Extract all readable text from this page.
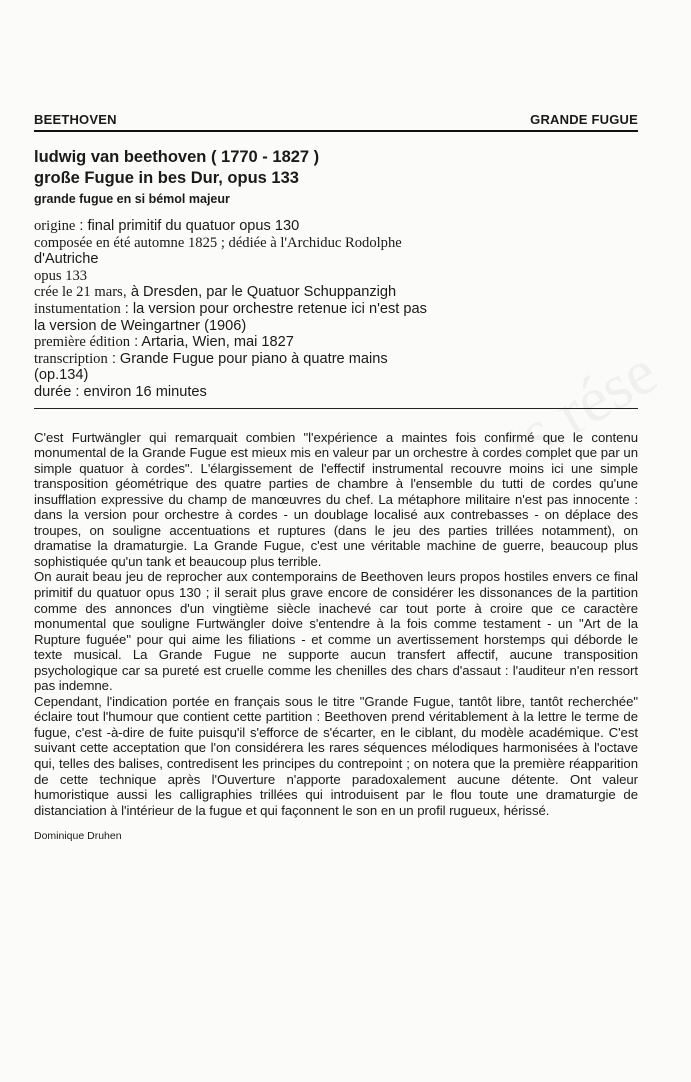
BEETHOVEN	GRANDE FUGUE
ludwig van beethoven ( 1770 - 1827 )
große Fugue in bes Dur, opus 133
grande fugue en si bémol majeur
origine : final primitif du quatuor opus 130
composée en été automne 1825 ; dédiée à l'Archiduc Rodolphe
d'Autriche
opus 133
crée le 21 mars, à Dresden, par le Quatuor Schuppanzigh
instumentation : la version pour orchestre retenue ici n'est pas
la version de Weingartner (1906)
première édition : Artaria, Wien, mai 1827
transcription : Grande Fugue pour piano à quatre mains
(op.134)
durée : environ 16 minutes

C'est Furtwängler qui remarquait combien "l'expérience a maintes fois confirmé que le contenu monumental de la Grande Fugue est mieux mis en valeur par un orchestre à cordes complet que par un simple quatuor à cordes". L'élargissement de l'effectif instrumental recouvre moins ici une simple transposition géométrique des quatre parties de chambre à l'ensemble du tutti de cordes qu'une insufflation expressive du champ de manœuvres du chef. La métaphore militaire n'est pas innocente : dans la version pour orchestre à cordes - un doublage localisé aux contrebasses - on déplace des troupes, on souligne accentuations et ruptures (dans le jeu des parties trillées notamment), on dramatise la dramaturgie. La Grande Fugue, c'est une véritable machine de guerre, beaucoup plus sophistiquée qu'un tank et beaucoup plus terrible.

On aurait beau jeu de reprocher aux contemporains de Beethoven leurs propos hostiles envers ce final primitif du quatuor opus 130 ; il serait plus grave encore de considérer les dissonances de la partition comme des annonces d'un vingtième siècle inachevé car tout porte à croire que ce caractère monumental que souligne Furtwängler doive s'entendre à la fois comme testament - un "Art de la Rupture fuguée" pour qui aime les filiations - et comme un avertissement horstemps qui déborde le texte musical. La Grande Fugue ne supporte aucun transfert affectif, aucune transposition psychologique car sa pureté est cruelle comme les chenilles des chars d'assaut : l'auditeur n'en ressort pas indemne.

Cependant, l'indication portée en français sous le titre "Grande Fugue, tantôt libre, tantôt recherchée" éclaire tout l'humour que contient cette partition : Beethoven prend véritablement à la lettre le terme de fugue, c'est -à-dire de fuite puisqu'il s'efforce de s'écarter, en le ciblant, du modèle académique. C'est suivant cette acceptation que l'on considérera les rares séquences mélodiques harmonisées à l'octave qui, telles des balises, contredisent les principes du contrepoint ; on notera que la première réapparition de cette technique après l'Ouverture n'apporte paradoxalement aucune détente. Ont valeur humoristique aussi les calligraphies trillées qui introduisent par le flou toute une dramaturgie de distanciation à l'intérieur de la fugue et qui façonnent le son en un profil rugueux, hérissé.

Dominique Druhen
